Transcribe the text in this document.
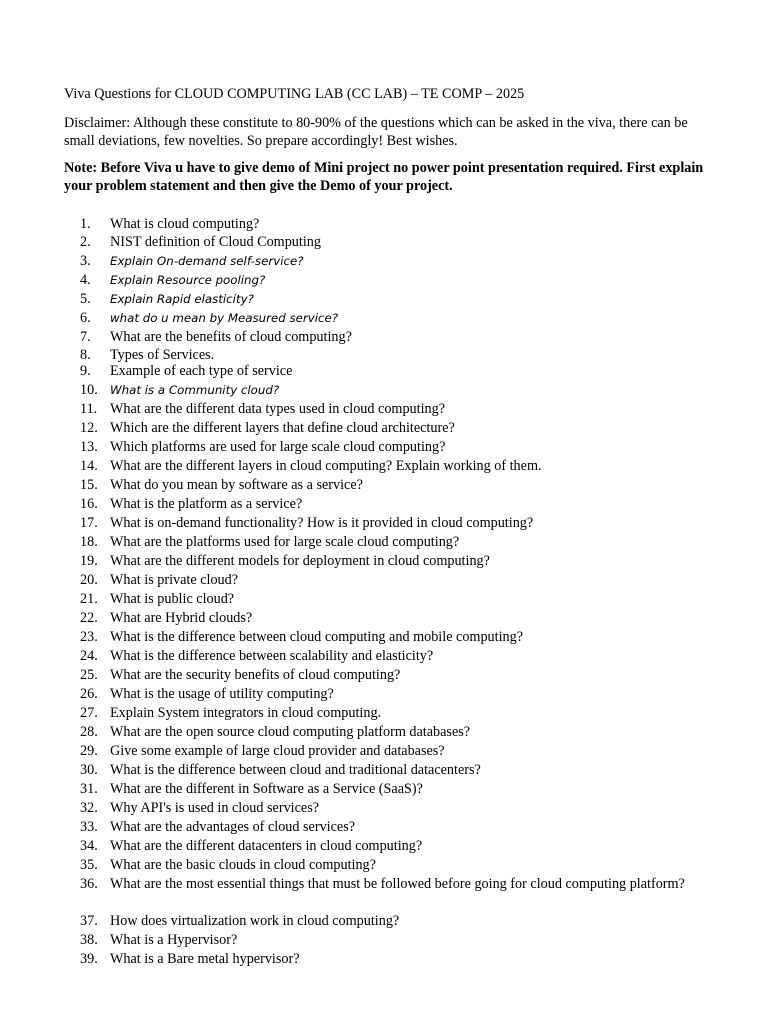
Viva Questions for CLOUD COMPUTING LAB (CC LAB) – TE COMP – 2025
Disclaimer: Although these constitute to 80-90% of the questions which can be asked in the viva, there can be small deviations, few novelties. So prepare accordingly! Best wishes.
Note: Before Viva u have to give demo of Mini project no power point presentation required. First explain your problem statement and then give the Demo of your project.
1.	What is cloud computing?
2.	NIST definition of Cloud Computing
3.	Explain On-demand self-service?
4.	Explain Resource pooling?
5.	Explain Rapid elasticity?
6.	what do u mean by Measured service?
7.	What are the benefits of cloud computing?
8.	Types of Services.
9.	Example of each type of service
10.	What is a Community cloud?
11. What are the different data types used in cloud computing?
12. Which are the different layers that define cloud architecture?
13. Which platforms are used for large scale cloud computing?
14. What are the different layers in cloud computing? Explain working of them.
15. What do you mean by software as a service?
16. What is the platform as a service?
17. What is on-demand functionality? How is it provided in cloud computing?
18. What are the platforms used for large scale cloud computing?
19. What are the different models for deployment in cloud computing?
20. What is private cloud?
21. What is public cloud?
22. What are Hybrid clouds?
23. What is the difference between cloud computing and mobile computing?
24. What is the difference between scalability and elasticity?
25. What are the security benefits of cloud computing?
26. What is the usage of utility computing?
27. Explain System integrators in cloud computing.
28. What are the open source cloud computing platform databases?
29. Give some example of large cloud provider and databases?
30. What is the difference between cloud and traditional datacenters?
31. What are the different in Software as a Service (SaaS)?
32. Why API's is used in cloud services?
33. What are the advantages of cloud services?
34. What are the different datacenters in cloud computing?
35. What are the basic clouds in cloud computing?
36. What are the most essential things that must be followed before going for cloud computing platform?
37. How does virtualization work in cloud computing?
38. What is a Hypervisor?
39. What is a Bare metal hypervisor?
